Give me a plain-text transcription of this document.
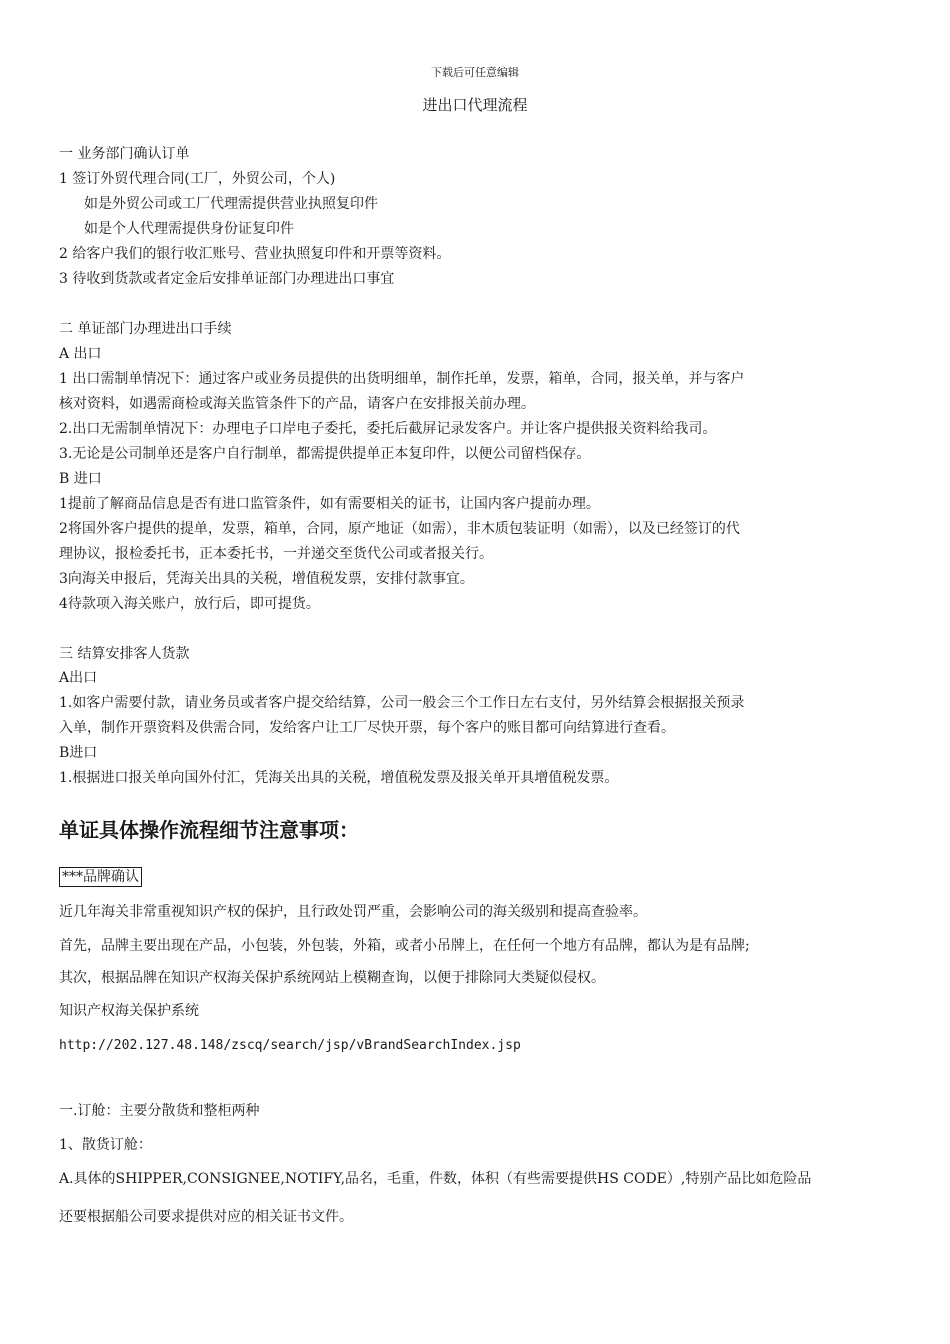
下载后可任意编辑
进出口代理流程
一 业务部门确认订单
1 签订外贸代理合同(工厂，外贸公司，个人)
如是外贸公司或工厂代理需提供营业执照复印件
如是个人代理需提供身份证复印件
2 给客户我们的银行收汇账号、营业执照复印件和开票等资料。
3 待收到货款或者定金后安排单证部门办理进出口事宜
二 单证部门办理进出口手续
A 出口
1 出口需制单情况下：通过客户或业务员提供的出货明细单，制作托单，发票，箱单，合同，报关单，并与客户
核对资料，如遇需商检或海关监管条件下的产品，请客户在安排报关前办理。
2.出口无需制单情况下：办理电子口岸电子委托，委托后截屏记录发客户。并让客户提供报关资料给我司。
3.无论是公司制单还是客户自行制单，都需提供提单正本复印件，以便公司留档保存。
B 进口
1提前了解商品信息是否有进口监管条件，如有需要相关的证书，让国内客户提前办理。
2将国外客户提供的提单，发票，箱单，合同，原产地证（如需），非木质包装证明（如需），以及已经签订的代
理协议，报检委托书，正本委托书，一并递交至货代公司或者报关行。
3向海关申报后，凭海关出具的关税，增值税发票，安排付款事宜。
4待款项入海关账户，放行后，即可提货。
三 结算安排客人货款
A出口
1.如客户需要付款，请业务员或者客户提交给结算，公司一般会三个工作日左右支付，另外结算会根据报关预录
入单，制作开票资料及供需合同，发给客户让工厂尽快开票，每个客户的账目都可向结算进行查看。
B进口
1.根据进口报关单向国外付汇，凭海关出具的关税，增值税发票及报关单开具增值税发票。
单证具体操作流程细节注意事项：
***品牌确认
近几年海关非常重视知识产权的保护，且行政处罚严重，会影响公司的海关级别和提高查验率。
首先，品牌主要出现在产品，小包装，外包装，外箱，或者小吊牌上，在任何一个地方有品牌，都认为是有品牌;
其次，根据品牌在知识产权海关保护系统网站上模糊查询，以便于排除同大类疑似侵权。
知识产权海关保护系统
http://202.127.48.148/zscq/search/jsp/vBrandSearchIndex.jsp
一.订舱：主要分散货和整柜两种
1、散货订舱：
A.具体的SHIPPER,CONSIGNEE,NOTIFY,品名，毛重，件数，体积（有些需要提供HS CODE）,特别产品比如危险品
还要根据船公司要求提供对应的相关证书文件。
